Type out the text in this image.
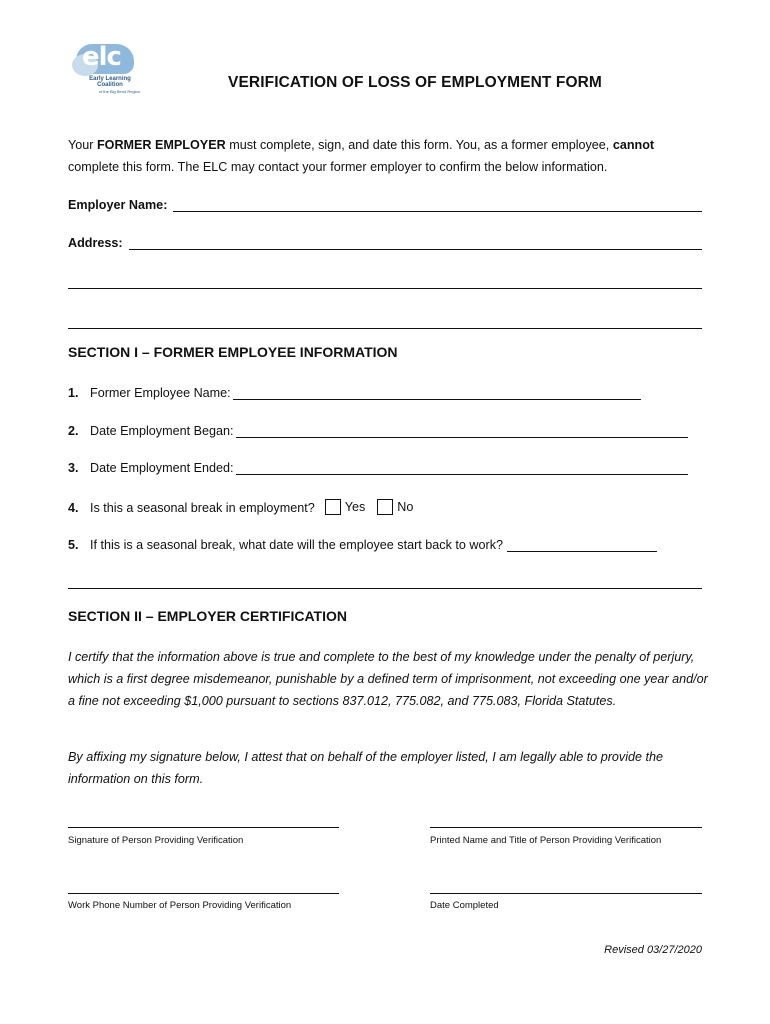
elc
Early Learning Coalition
of the Big Bend Region
VERIFICATION OF LOSS OF EMPLOYMENT FORM
Your FORMER EMPLOYER must complete, sign, and date this form. You, as a former employee, cannot complete this form. The ELC may contact your former employer to confirm the below information.
Employer Name:
Address:
SECTION I – FORMER EMPLOYEE INFORMATION
1. Former Employee Name:
2. Date Employment Began:
3. Date Employment Ended:
4. Is this a seasonal break in employment? Yes	No
5. If this is a seasonal break, what date will the employee start back to work?
SECTION II – EMPLOYER CERTIFICATION
I certify that the information above is true and complete to the best of my knowledge under the penalty of perjury, which is a first degree misdemeanor, punishable by a defined term of imprisonment, not exceeding one year and/or a fine not exceeding $1,000 pursuant to sections 837.012, 775.082, and 775.083, Florida Statutes.
By affixing my signature below, I attest that on behalf of the employer listed, I am legally able to provide the information on this form.
Signature of Person Providing Verification	Printed Name and Title of Person Providing Verification
Work Phone Number of Person Providing Verification	Date Completed
Revised 03/27/2020
